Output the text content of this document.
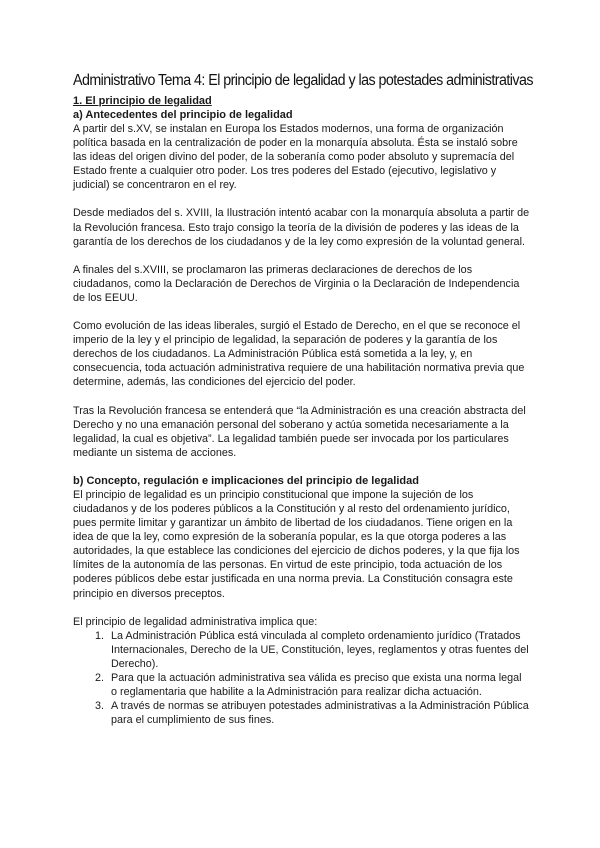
Administrativo Tema 4: El principio de legalidad y las potestades administrativas
1. El principio de legalidad
a) Antecedentes del principio de legalidad

A partir del s.XV, se instalan en Europa los Estados modernos, una forma de organización política basada en la centralización de poder en la monarquía absoluta. Ésta se instaló sobre las ideas del origen divino del poder, de la soberanía como poder absoluto y supremacía del Estado frente a cualquier otro poder. Los tres poderes del Estado (ejecutivo, legislativo y judicial) se concentraron en el rey.

Desde mediados del s. XVIII, la Ilustración intentó acabar con la monarquía absoluta a partir de la Revolución francesa. Esto trajo consigo la teoría de la división de poderes y las ideas de la garantía de los derechos de los ciudadanos y de la ley como expresión de la voluntad general.

A finales del s.XVIII, se proclamaron las primeras declaraciones de derechos de los ciudadanos, como la Declaración de Derechos de Virginia o la Declaración de Independencia de los EEUU.

Como evolución de las ideas liberales, surgió el Estado de Derecho, en el que se reconoce el imperio de la ley y el principio de legalidad, la separación de poderes y la garantía de los derechos de los ciudadanos. La Administración Pública está sometida a la ley, y, en consecuencia, toda actuación administrativa requiere de una habilitación normativa previa que determine, además, las condiciones del ejercicio del poder.

Tras la Revolución francesa se entenderá que “la Administración es una creación abstracta del Derecho y no una emanación personal del soberano y actúa sometida necesariamente a la legalidad, la cual es objetiva”. La legalidad también puede ser invocada por los particulares mediante un sistema de acciones.

b) Concepto, regulación e implicaciones del principio de legalidad

El principio de legalidad es un principio constitucional que impone la sujeción de los ciudadanos y de los poderes públicos a la Constitución y al resto del ordenamiento jurídico, pues permite limitar y garantizar un ámbito de libertad de los ciudadanos. Tiene origen en la idea de que la ley, como expresión de la soberanía popular, es la que otorga poderes a las autoridades, la que establece las condiciones del ejercicio de dichos poderes, y la que fija los límites de la autonomía de las personas. En virtud de este principio, toda actuación de los poderes públicos debe estar justificada en una norma previa. La Constitución consagra este principio en diversos preceptos.

El principio de legalidad administrativa implica que:

1. La Administración Pública está vinculada al completo ordenamiento jurídico (Tratados Internacionales, Derecho de la UE, Constitución, leyes, reglamentos y otras fuentes del Derecho).
2. Para que la actuación administrativa sea válida es preciso que exista una norma legal o reglamentaria que habilite a la Administración para realizar dicha actuación.
3. A través de normas se atribuyen potestades administrativas a la Administración Pública para el cumplimiento de sus fines.
